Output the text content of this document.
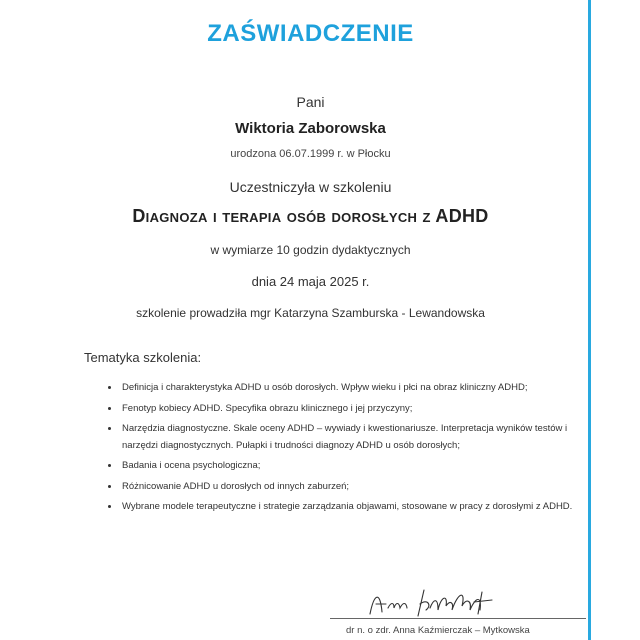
ZAŚWIADCZENIE
Pani
Wiktoria Zaborowska
urodzona 06.07.1999 r. w Płocku
Uczestniczyła w szkoleniu
Diagnoza i terapia osób dorosłych z ADHD
w wymiarze 10 godzin dydaktycznych
dnia 24 maja 2025 r.
szkolenie prowadziła mgr Katarzyna Szamburska - Lewandowska
Tematyka szkolenia:
• Definicja i charakterystyka ADHD u osób dorosłych. Wpływ wieku i płci na obraz kliniczny ADHD;
• Fenotyp kobiecy ADHD. Specyfika obrazu klinicznego i jej przyczyny;
• Narzędzia diagnostyczne. Skale oceny ADHD – wywiady i kwestionariusze. Interpretacja wyników testów i narzędzi diagnostycznych. Pułapki i trudności diagnozy ADHD u osób dorosłych;
• Badania i ocena psychologiczna;
• Różnicowanie ADHD u dorosłych od innych zaburzeń;
• Wybrane modele terapeutyczne i strategie zarządzania objawami, stosowane w pracy z dorosłymi z ADHD.
dr n. o zdr. Anna Kaźmierczak – Mytkowska
